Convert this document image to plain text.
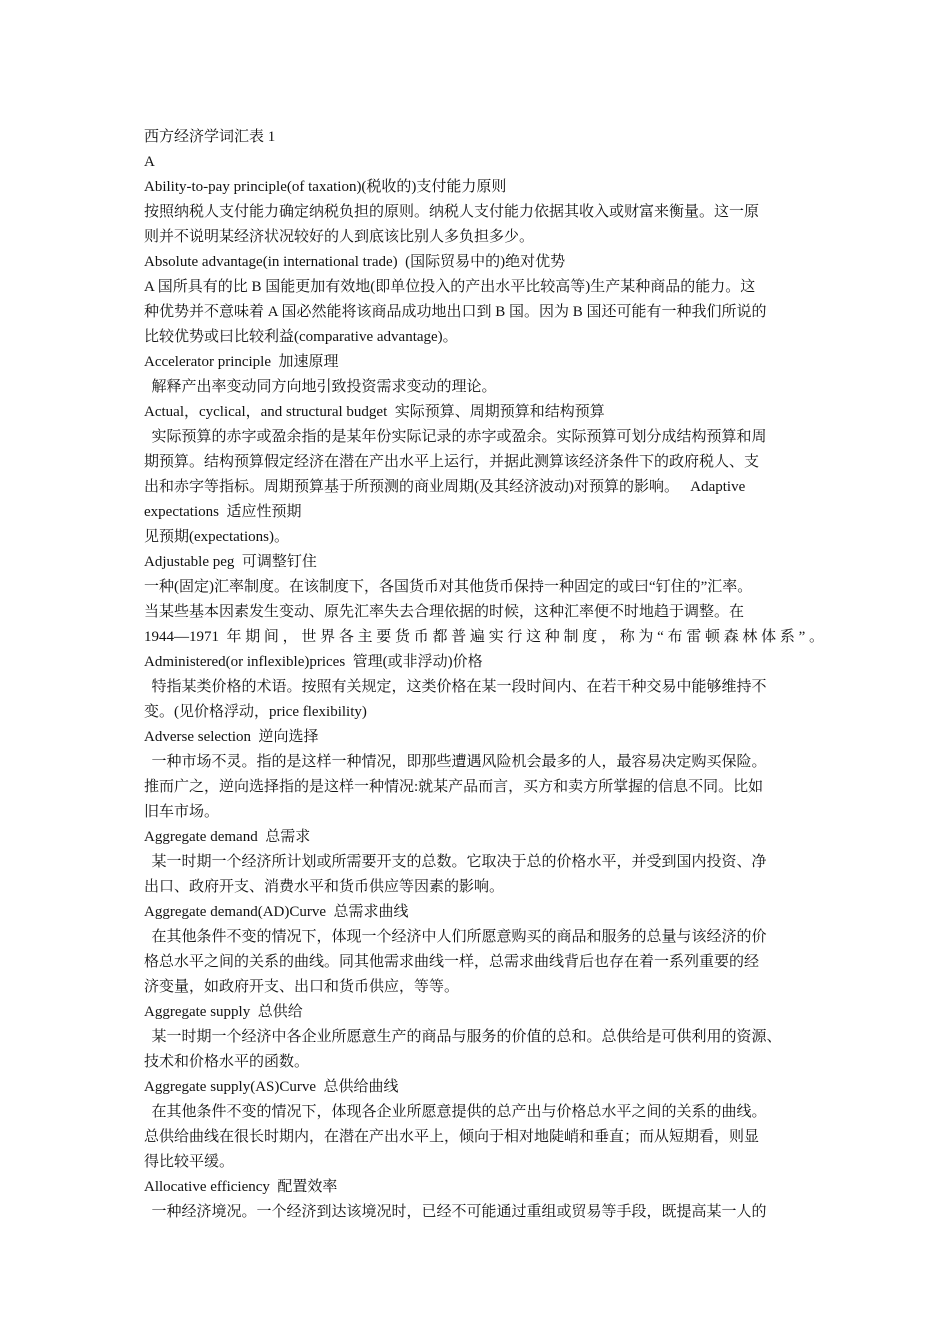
西方经济学词汇表 1
A
Ability-to-pay principle(of taxation)(税收的)支付能力原则
按照纳税人支付能力确定纳税负担的原则。纳税人支付能力依据其收入或财富来衡量。这一原
则并不说明某经济状况较好的人到底该比别人多负担多少。
Absolute advantage(in international trade)  (国际贸易中的)绝对优势
A 国所具有的比 B 国能更加有效地(即单位投入的产出水平比较高等)生产某种商品的能力。这
种优势并不意味着 A 国必然能将该商品成功地出口到 B 国。因为 B 国还可能有一种我们所说的
比较优势或曰比较利益(comparative advantage)。
Accelerator principle  加速原理
解释产出率变动同方向地引致投资需求变动的理论。
Actual，cyclical，and structural budget  实际预算、周期预算和结构预算
实际预算的赤字或盈余指的是某年份实际记录的赤字或盈余。实际预算可划分成结构预算和周
期预算。结构预算假定经济在潜在产出水平上运行，并据此测算该经济条件下的政府税人、支
出和赤字等指标。周期预算基于所预测的商业周期(及其经济波动)对预算的影响。   Adaptive
expectations  适应性预期
见预期(expectations)。
Adjustable peg  可调整钉住
一种(固定)汇率制度。在该制度下，各国货币对其他货币保持一种固定的或曰“钉住的”汇率。
当某些基本因素发生变动、原先汇率失去合理依据的时候，这种汇率便不时地趋于调整。在
1944—1971 年期间，世界各主要货币都普遍实行这种制度，称为“布雷顿森林体系”。
Administered(or inflexible)prices  管理(或非浮动)价格
特指某类价格的术语。按照有关规定，这类价格在某一段时间内、在若干种交易中能够维持不
变。(见价格浮动，price flexibility)
Adverse selection  逆向选择
一种市场不灵。指的是这样一种情况，即那些遭遇风险机会最多的人，最容易决定购买保险。
推而广之，逆向选择指的是这样一种情况:就某产品而言，买方和卖方所掌握的信息不同。比如
旧车市场。
Aggregate demand  总需求
某一时期一个经济所计划或所需要开支的总数。它取决于总的价格水平，并受到国内投资、净
出口、政府开支、消费水平和货币供应等因素的影响。
Aggregate demand(AD)Curve  总需求曲线
在其他条件不变的情况下，体现一个经济中人们所愿意购买的商品和服务的总量与该经济的价
格总水平之间的关系的曲线。同其他需求曲线一样，总需求曲线背后也存在着一系列重要的经
济变量，如政府开支、出口和货币供应，等等。
Aggregate supply  总供给
某一时期一个经济中各企业所愿意生产的商品与服务的价值的总和。总供给是可供利用的资源、
技术和价格水平的函数。
Aggregate supply(AS)Curve  总供给曲线
在其他条件不变的情况下，体现各企业所愿意提供的总产出与价格总水平之间的关系的曲线。
总供给曲线在很长时期内，在潜在产出水平上，倾向于相对地陡峭和垂直；而从短期看，则显
得比较平缓。
Allocative efficiency  配置效率
一种经济境况。一个经济到达该境况时，已经不可能通过重组或贸易等手段，既提高某一人的
